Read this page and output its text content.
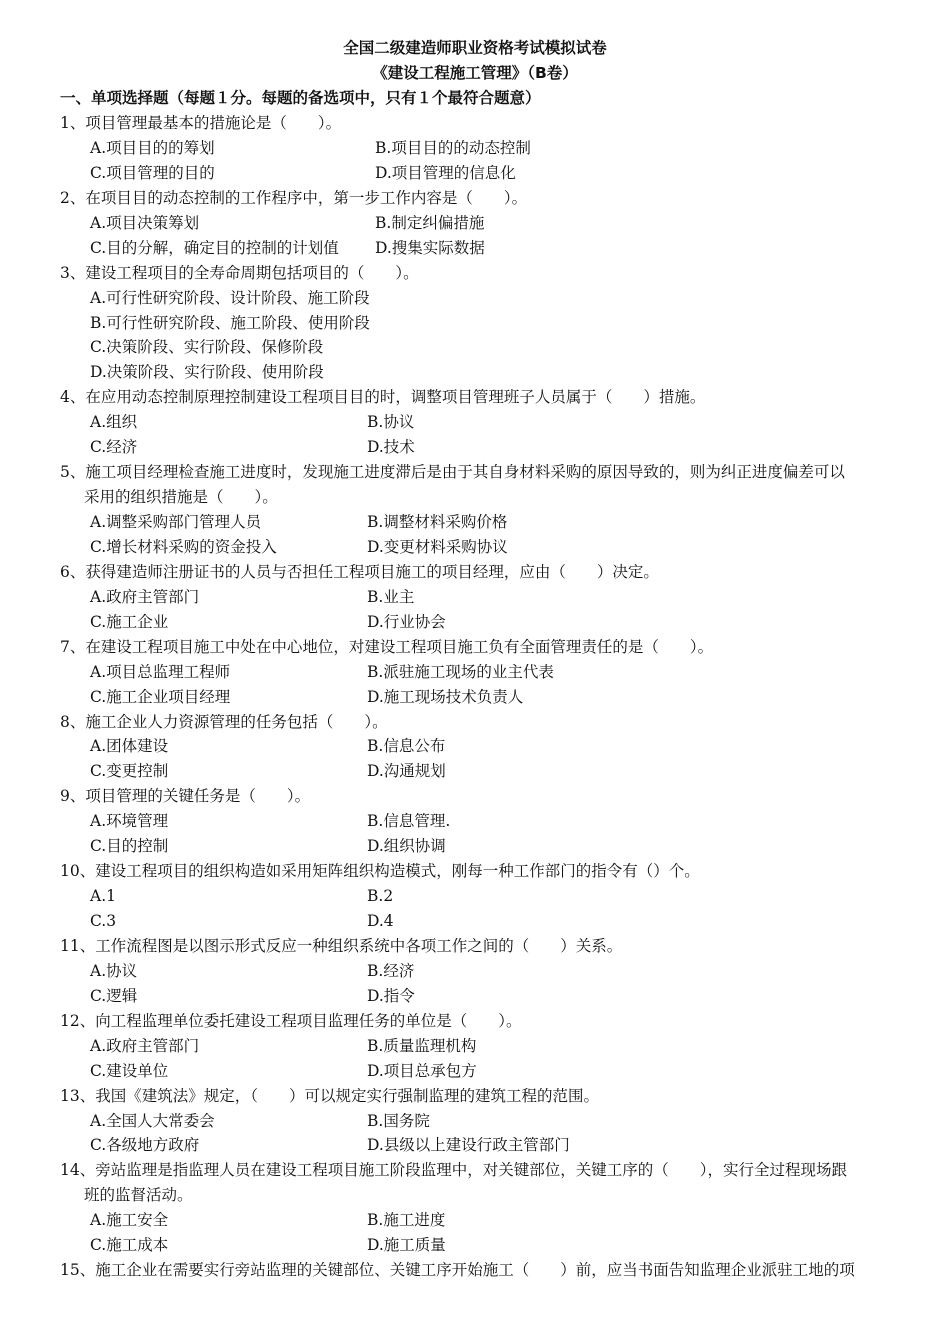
全国二级建造师职业资格考试模拟试卷
《建设工程施工管理》（B卷）
一、单项选择题（每题１分。每题的备选项中，只有１个最符合题意）
1、项目管理最基本的措施论是（　　）。
A.项目目的的筹划	B.项目目的的动态控制
C.项目管理的目的	D.项目管理的信息化
2、在项目目的动态控制的工作程序中，第一步工作内容是（　　）。
A.项目决策筹划	B.制定纠偏措施
C.目的分解，确定目的控制的计划值 D.搜集实际数据
3、建设工程项目的全寿命周期包括项目的（　　）。
A.可行性研究阶段、设计阶段、施工阶段
B.可行性研究阶段、施工阶段、使用阶段
C.决策阶段、实行阶段、保修阶段
D.决策阶段、实行阶段、使用阶段
4、在应用动态控制原理控制建设工程项目目的时，调整项目管理班子人员属于（　　）措施。
A.组织	B.协议
C.经济	D.技术
5、施工项目经理检查施工进度时，发现施工进度滞后是由于其自身材料采购的原因导致的，则为纠正进度偏差可以
采用的组织措施是（　　）。
A.调整采购部门管理人员	B.调整材料采购价格
C.增长材料采购的资金投入	D.变更材料采购协议
6、获得建造师注册证书的人员与否担任工程项目施工的项目经理，应由（　　）决定。
A.政府主管部门	B.业主
C.施工企业	D.行业协会
7、在建设工程项目施工中处在中心地位，对建设工程项目施工负有全面管理责任的是（　　）。
A.项目总监理工程师	B.派驻施工现场的业主代表
C.施工企业项目经理	D.施工现场技术负责人
8、施工企业人力资源管理的任务包括（　　）。
A.团体建设	B.信息公布
C.变更控制	D.沟通规划
9、项目管理的关键任务是（　　）。
A.环境管理	B.信息管理.
C.目的控制	D.组织协调
10、建设工程项目的组织构造如采用矩阵组织构造模式，刚每一种工作部门的指令有（）个。
A.1	B.2
C.3	D.4
11、工作流程图是以图示形式反应一种组织系统中各项工作之间的（　　）关系。
A.协议	B.经济
C.逻辑	D.指令
12、向工程监理单位委托建设工程项目监理任务的单位是（　　）。
A.政府主管部门	B.质量监理机构
C.建设单位	D.项目总承包方
13、我国《建筑法》规定，（　　）可以规定实行强制监理的建筑工程的范围。
A.全国人大常委会	B.国务院
C.各级地方政府	D.县级以上建设行政主管部门
14、旁站监理是指监理人员在建设工程项目施工阶段监理中，对关键部位，关键工序的（　　），实行全过程现场跟
班的监督活动。
A.施工安全	B.施工进度
C.施工成本	D.施工质量
15、施工企业在需要实行旁站监理的关键部位、关键工序开始施工（　　）前，应当书面告知监理企业派驻工地的项
